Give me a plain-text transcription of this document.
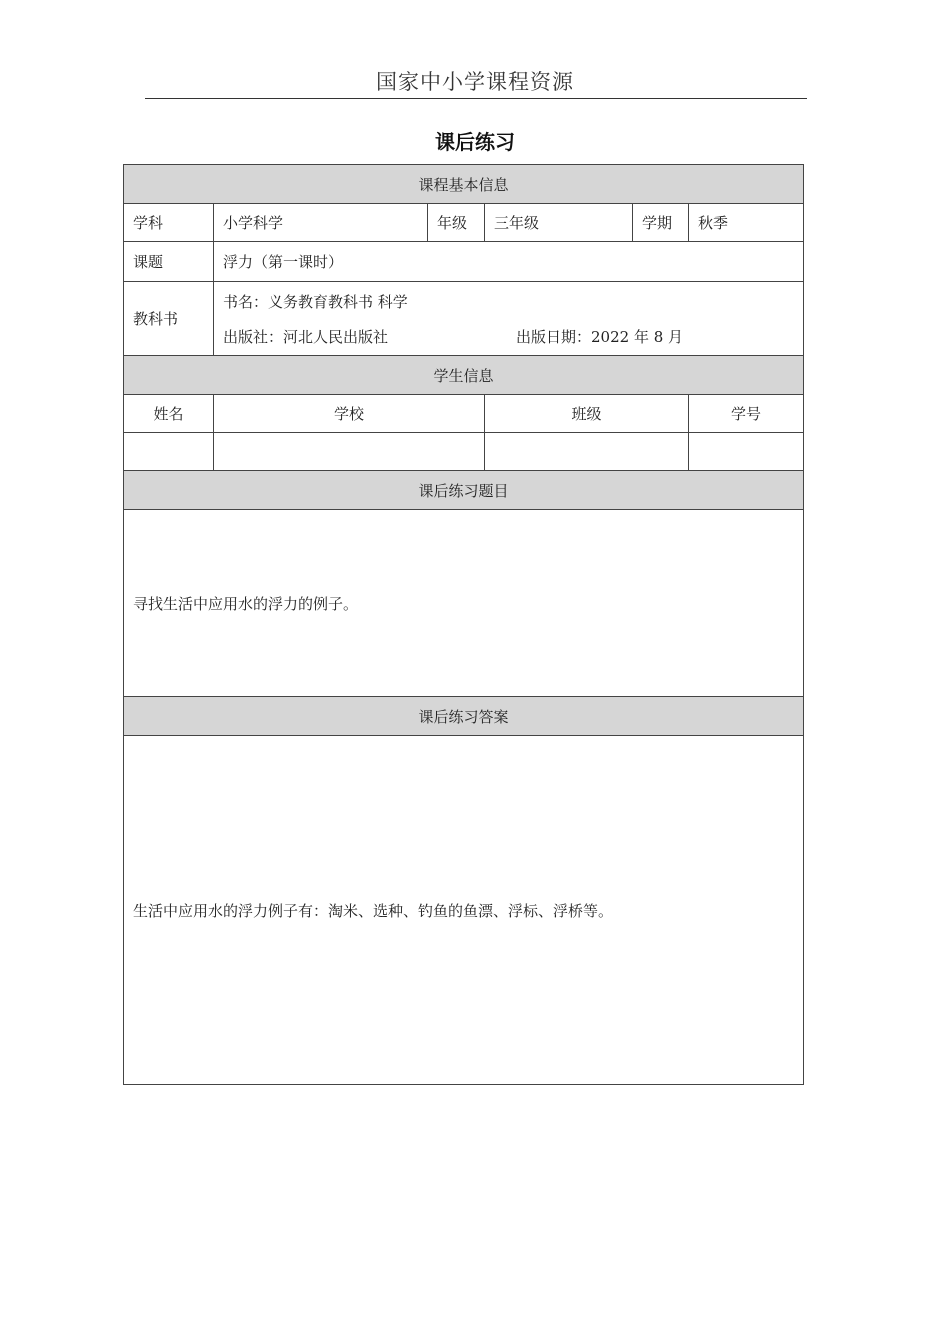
国家中小学课程资源
课后练习
课程基本信息					
学科	小学科学	年级	三年级	学期	秋季
课题	浮力（第一课时）				
教科书	书名：义务教育教科书 科学
出版社：河北人民出版社 出版日期：2022 年 8 月				

学生信息					
姓名	学校		班级		学号

课后练习题目					
寻找生活中应用水的浮力的例子。					
课后练习答案					
生活中应用水的浮力例子有：淘米、选种、钓鱼的鱼漂、浮标、浮桥等。					
